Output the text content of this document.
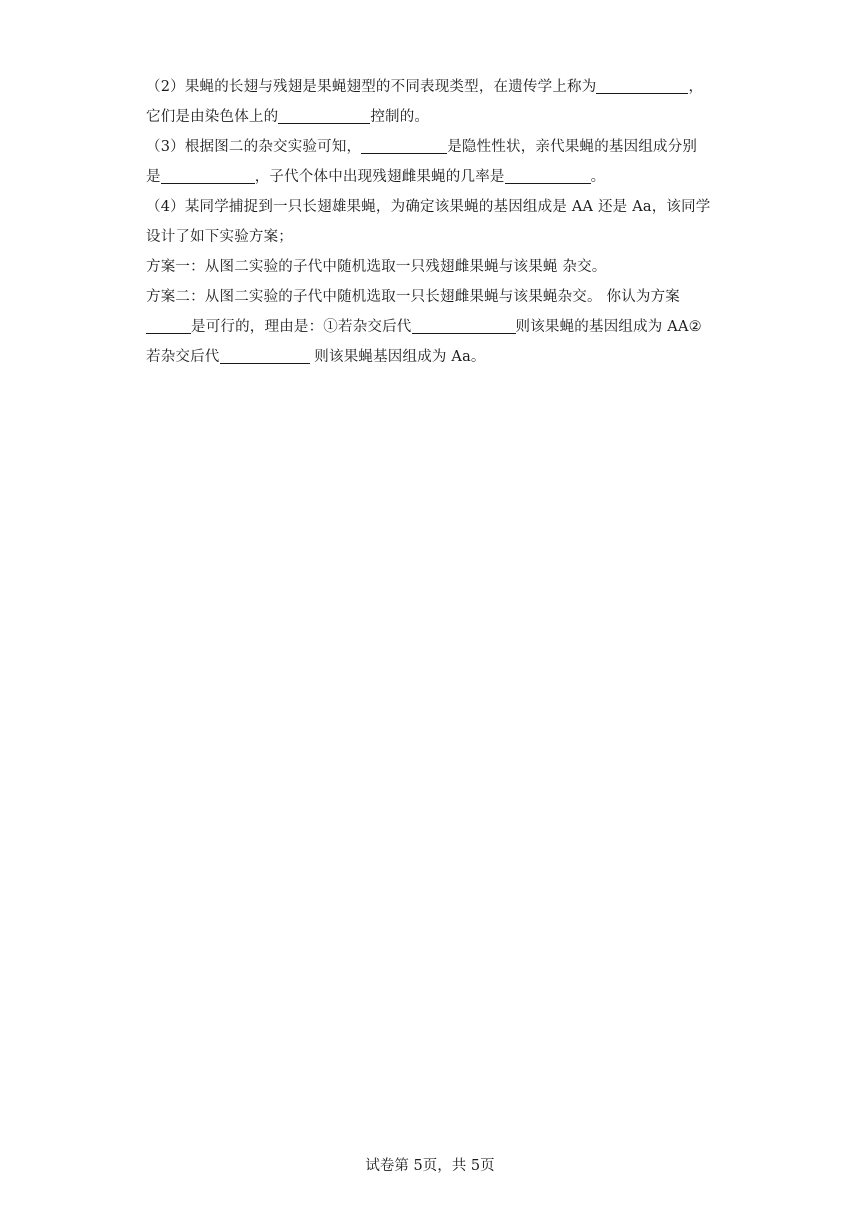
（2）果蝇的长翅与残翅是果蝇翅型的不同表现类型，在遗传学上称为	，
它们是由染色体上的	控制的。
（3）根据图二的杂交实验可知，	是隐性性状，亲代果蝇的基因组成分别
是	，子代个体中出现残翅雌果蝇的几率是	。
（4）某同学捕捉到一只长翅雄果蝇，为确定该果蝇的基因组成是 AA 还是 Aa，该同学
设计了如下实验方案；
方案一：从图二实验的子代中随机选取一只残翅雌果蝇与该果蝇 杂交。
方案二：从图二实验的子代中随机选取一只长翅雌果蝇与该果蝇杂交。 你认为方案
是可行的，理由是：①若杂交后代	则该果蝇的基因组成为 AA②
若杂交后代	则该果蝇基因组成为 Aa。
试卷第 5页，共 5页
